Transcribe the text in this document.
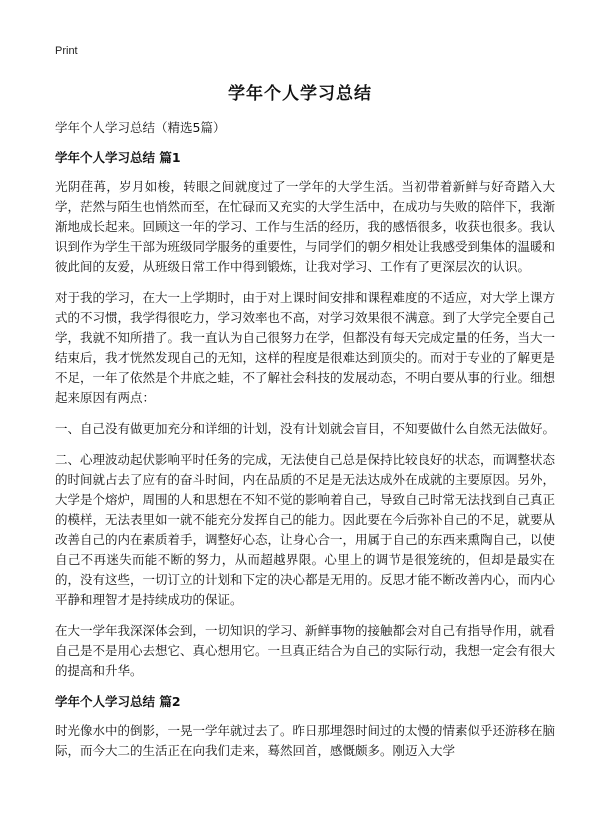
Print
学年个人学习总结

学年个人学习总结（精选5篇）

学年个人学习总结 篇1

光阴荏苒，岁月如梭，转眼之间就度过了一学年的大学生活。当初带着新鲜与好奇踏入大学，茫然与陌生也悄然而至，在忙碌而又充实的大学生活中，在成功与失败的陪伴下，我渐渐地成长起来。回顾这一年的学习、工作与生活的经历，我的感悟很多，收获也很多。我认识到作为学生干部为班级同学服务的重要性，与同学们的朝夕相处让我感受到集体的温暖和彼此间的友爱，从班级日常工作中得到锻炼，让我对学习、工作有了更深层次的认识。

对于我的学习，在大一上学期时，由于对上课时间安排和课程难度的不适应，对大学上课方式的不习惯，我学得很吃力，学习效率也不高，对学习效果很不满意。到了大学完全要自己学，我就不知所措了。我一直认为自己很努力在学，但都没有每天完成定量的任务，当大一结束后，我才恍然发现自己的无知，这样的程度是很难达到顶尖的。而对于专业的了解更是不足，一年了依然是个井底之蛙，不了解社会科技的发展动态，不明白要从事的行业。细想起来原因有两点：

一、自己没有做更加充分和详细的计划，没有计划就会盲目，不知要做什么自然无法做好。

二、心理波动起伏影响平时任务的完成，无法使自己总是保持比较良好的状态，而调整状态的时间就占去了应有的奋斗时间，内在品质的不足是无法达成外在成就的主要原因。另外，大学是个熔炉，周围的人和思想在不知不觉的影响着自己，导致自己时常无法找到自己真正的模样，无法表里如一就不能充分发挥自己的能力。因此要在今后弥补自己的不足，就要从改善自己的内在素质着手，调整好心态，让身心合一，用属于自己的东西来熏陶自己，以使自己不再迷失而能不断的努力，从而超越界限。心里上的调节是很笼统的，但却是最实在的，没有这些，一切订立的计划和下定的决心都是无用的。反思才能不断改善内心，而内心平静和理智才是持续成功的保证。

在大一学年我深深体会到，一切知识的学习、新鲜事物的接触都会对自己有指导作用，就看自己是不是用心去想它、真心想用它。一旦真正结合为自己的实际行动，我想一定会有很大的提高和升华。

学年个人学习总结 篇2

时光像水中的倒影，一晃一学年就过去了。昨日那埋怨时间过的太慢的情素似乎还游移在脑际，而今大二的生活正在向我们走来，蓦然回首，感慨颇多。刚迈入大学
